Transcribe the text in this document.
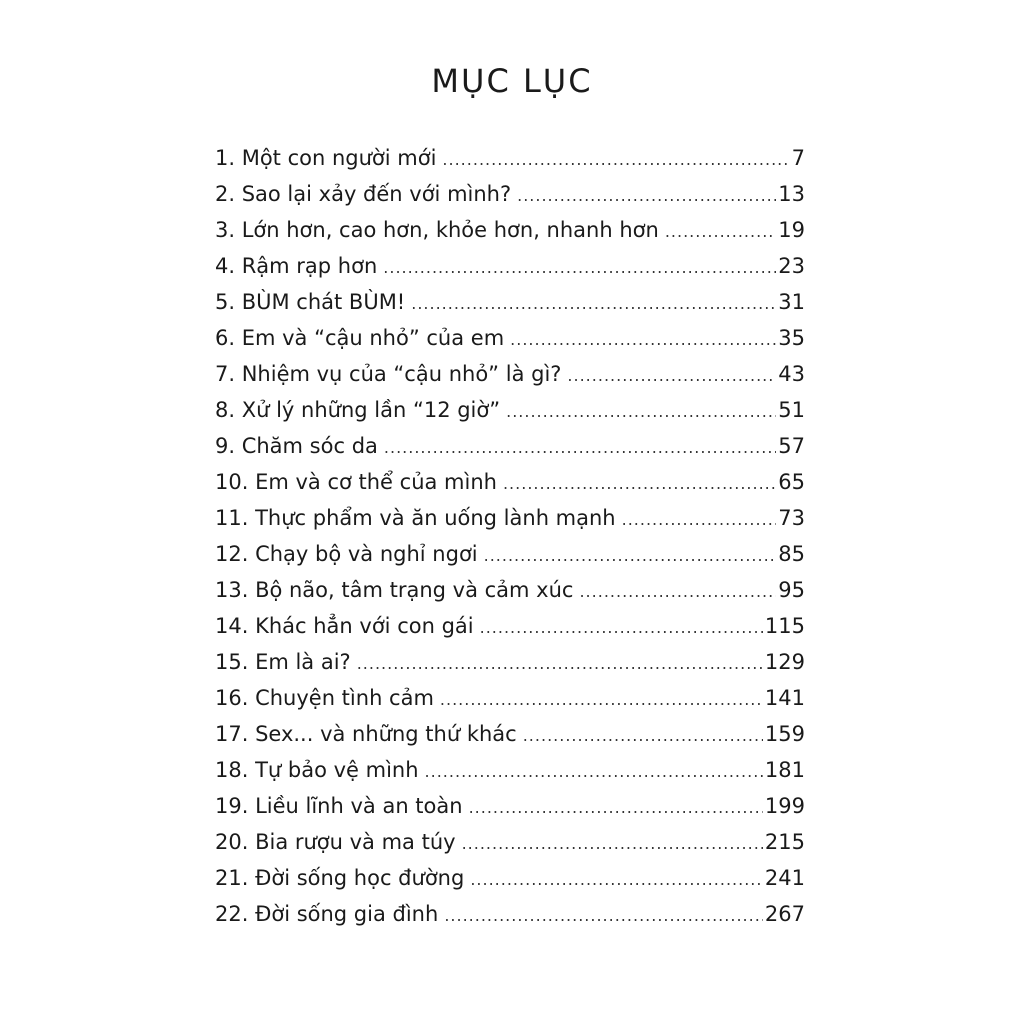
MỤC LỤC
1. Một con người mới .....	7
2. Sao lại xảy đến với mình? .....	13
3. Lớn hơn, cao hơn, khỏe hơn, nhanh hơn .....	19
4. Rậm rạp hơn .....	23
5. BÙM chát BÙM! .....	31
6. Em và “cậu nhỏ” của em .....	35
7. Nhiệm vụ của “cậu nhỏ” là gì? .....	43
8. Xử lý những lần “12 giờ” .....	51
9. Chăm sóc da .....	57
10. Em và cơ thể của mình .....	65
11. Thực phẩm và ăn uống lành mạnh .....	73
12. Chạy bộ và nghỉ ngơi .....	85
13. Bộ não, tâm trạng và cảm xúc .....	95
14. Khác hẳn với con gái .....	115
15. Em là ai? .....	129
16. Chuyện tình cảm .....	141
17. Sex... và những thứ khác .....	159
18. Tự bảo vệ mình .....	181
19. Liều lĩnh và an toàn .....	199
20. Bia rượu và ma túy .....	215
21. Đời sống học đường .....	241
22. Đời sống gia đình .....	267
